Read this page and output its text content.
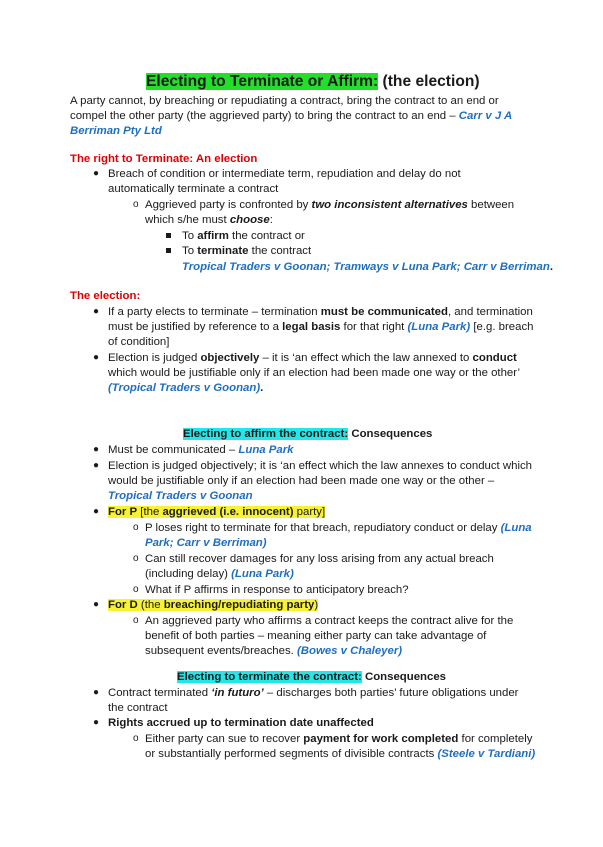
Electing to Terminate or Affirm: (the election)
A party cannot, by breaching or repudiating a contract, bring the contract to an end or
compel the other party (the aggrieved party) to bring the contract to an end – Carr v J A
Berriman Pty Ltd
The right to Terminate: An election
● Breach of condition or intermediate term, repudiation and delay do not
automatically terminate a contract
o Aggrieved party is confronted by two inconsistent alternatives between
which s/he must choose:
To affirm the contract or
To terminate the contract
Tropical Traders v Goonan; Tramways v Luna Park; Carr v Berriman.
The election:
● If a party elects to terminate – termination must be communicated, and termination
must be justified by reference to a legal basis for that right (Luna Park) [e.g. breach
of condition]
● Election is judged objectively – it is ‘an effect which the law annexed to conduct
which would be justifiable only if an election had been made one way or the other’
(Tropical Traders v Goonan).
Electing to affirm the contract: Consequences
● Must be communicated – Luna Park
● Election is judged objectively; it is ‘an effect which the law annexes to conduct which
would be justifiable only if an election had been made one way or the other –
Tropical Traders v Goonan
● For P [the aggrieved (i.e. innocent) party]
o P loses right to terminate for that breach, repudiatory conduct or delay (Luna
Park; Carr v Berriman)
o Can still recover damages for any loss arising from any actual breach
(including delay) (Luna Park)
o What if P affirms in response to anticipatory breach?
● For D (the breaching/repudiating party)
o An aggrieved party who affirms a contract keeps the contract alive for the
benefit of both parties – meaning either party can take advantage of
subsequent events/breaches. (Bowes v Chaleyer)
Electing to terminate the contract: Consequences
● Contract terminated ‘in futuro’ – discharges both parties’ future obligations under
the contract
● Rights accrued up to termination date unaffected
o Either party can sue to recover payment for work completed for completely
or substantially performed segments of divisible contracts (Steele v Tardiani)
